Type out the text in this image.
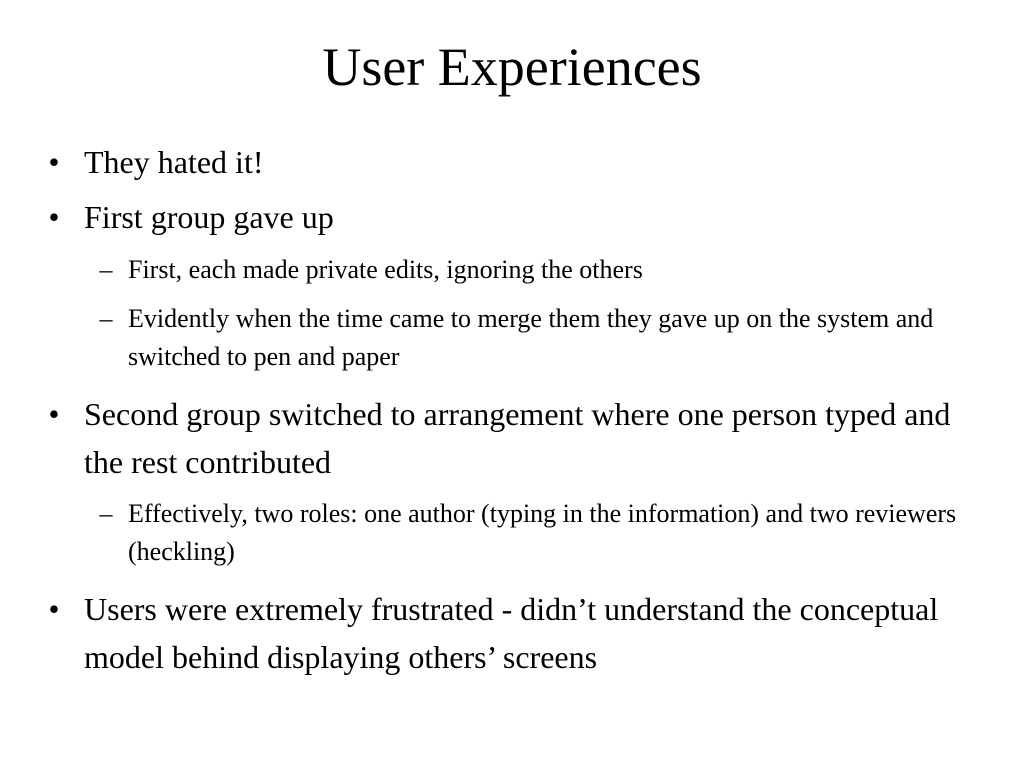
User Experiences
• They hated it!
• First group gave up
– First, each made private edits, ignoring the others
– Evidently when the time came to merge them they gave up on the system and switched to pen and paper
• Second group switched to arrangement where one person typed and the rest contributed
– Effectively, two roles: one author (typing in the information) and two reviewers (heckling)
• Users were extremely frustrated - didn’t understand the conceptual model behind displaying others’ screens
